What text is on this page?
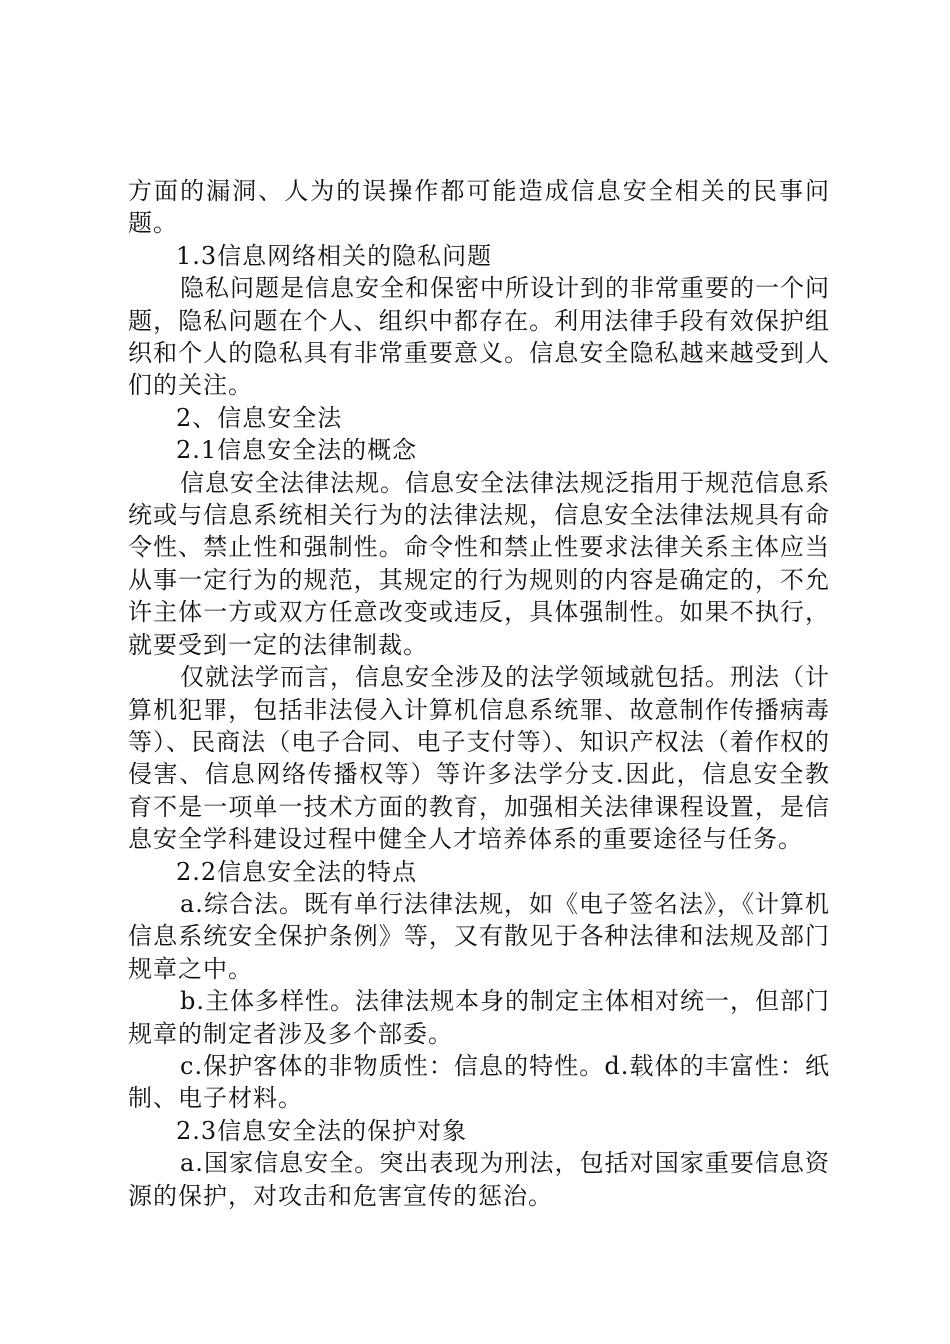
方面的漏洞、人为的误操作都可能造成信息安全相关的民事问题。

1.3信息网络相关的隐私问题

隐私问题是信息安全和保密中所设计到的非常重要的一个问题，隐私问题在个人、组织中都存在。利用法律手段有效保护组织和个人的隐私具有非常重要意义。信息安全隐私越来越受到人们的关注。

2、信息安全法

2.1信息安全法的概念

信息安全法律法规。信息安全法律法规泛指用于规范信息系统或与信息系统相关行为的法律法规，信息安全法律法规具有命令性、禁止性和强制性。命令性和禁止性要求法律关系主体应当从事一定行为的规范，其规定的行为规则的内容是确定的，不允许主体一方或双方任意改变或违反，具体强制性。如果不执行，就要受到一定的法律制裁。

仅就法学而言，信息安全涉及的法学领域就包括。刑法（计算机犯罪，包括非法侵入计算机信息系统罪、故意制作传播病毒等）、民商法（电子合同、电子支付等）、知识产权法（着作权的侵害、信息网络传播权等）等许多法学分支.因此，信息安全教育不是一项单一技术方面的教育，加强相关法律课程设置，是信息安全学科建设过程中健全人才培养体系的重要途径与任务。

2.2信息安全法的特点

a.综合法。既有单行法律法规，如《电子签名法》，《计算机信息系统安全保护条例》等，又有散见于各种法律和法规及部门规章之中。

b.主体多样性。法律法规本身的制定主体相对统一，但部门规章的制定者涉及多个部委。

c.保护客体的非物质性：信息的特性。d.载体的丰富性：纸制、电子材料。

2.3信息安全法的保护对象

a.国家信息安全。突出表现为刑法，包括对国家重要信息资源的保护，对攻击和危害宣传的惩治。
